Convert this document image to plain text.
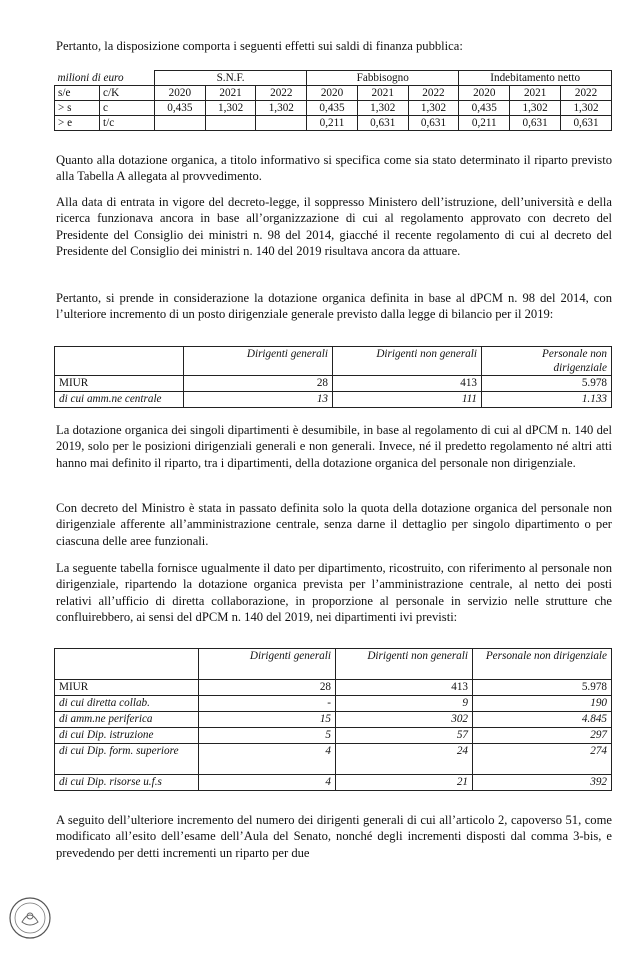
Pertanto, la disposizione comporta i seguenti effetti sui saldi di finanza pubblica:

milioni di euro		S.N.F.			Fabbisogno			Indebitamento netto		
s/e	c/K	2020	2021	2022	2020	2021	2022	2020	2021	2022
> s	c	0,435	1,302	1,302	0,435	1,302	1,302	0,435	1,302	1,302
> e	t/c				0,211	0,631	0,631	0,211	0,631	0,631

Quanto alla dotazione organica, a titolo informativo si specifica come sia stato determinato il riparto previsto alla Tabella A allegata al provvedimento.

Alla data di entrata in vigore del decreto-legge, il soppresso Ministero dell’istruzione, dell’università e della ricerca funzionava ancora in base all’organizzazione di cui al regolamento approvato con decreto del Presidente del Consiglio dei ministri n. 98 del 2014, giacché il recente regolamento di cui al decreto del Presidente del Consiglio dei ministri n. 140 del 2019 risultava ancora da attuare.

Pertanto, si prende in considerazione la dotazione organica definita in base al dPCM n. 98 del 2014, con l’ulteriore incremento di un posto dirigenziale generale previsto dalla legge di bilancio per il 2019:

	Dirigenti generali	Dirigenti non generali	Personale non dirigenziale
MIUR	28	413	5.978
di cui amm.ne centrale	13	111	1.133

La dotazione organica dei singoli dipartimenti è desumibile, in base al regolamento di cui al dPCM n. 140 del 2019, solo per le posizioni dirigenziali generali e non generali. Invece, né il predetto regolamento né altri atti hanno mai definito il riparto, tra i dipartimenti, della dotazione organica del personale non dirigenziale.

Con decreto del Ministro è stata in passato definita solo la quota della dotazione organica del personale non dirigenziale afferente all’amministrazione centrale, senza darne il dettaglio per singolo dipartimento o per ciascuna delle aree funzionali.

La seguente tabella fornisce ugualmente il dato per dipartimento, ricostruito, con riferimento al personale non dirigenziale, ripartendo la dotazione organica prevista per l’amministrazione centrale, al netto dei posti relativi all’ufficio di diretta collaborazione, in proporzione al personale in servizio nelle strutture che confluirebbero, ai sensi del dPCM n. 140 del 2019, nei dipartimenti ivi previsti:

	Dirigenti generali	Dirigenti non generali	Personale non dirigenziale
MIUR	28	413	5.978
di cui diretta collab.	-	9	190
di amm.ne periferica	15	302	4.845
di cui Dip. istruzione	5	57	297
di cui Dip. form. superiore	4	24	274
di cui Dip. risorse u.f.s	4	21	392

A seguito dell’ulteriore incremento del numero dei dirigenti generali di cui all’articolo 2, capoverso 51, come modificato all’esito dell’esame dell’Aula del Senato, nonché degli incrementi disposti dal comma 3-bis, e prevedendo per detti incrementi un riparto per due
